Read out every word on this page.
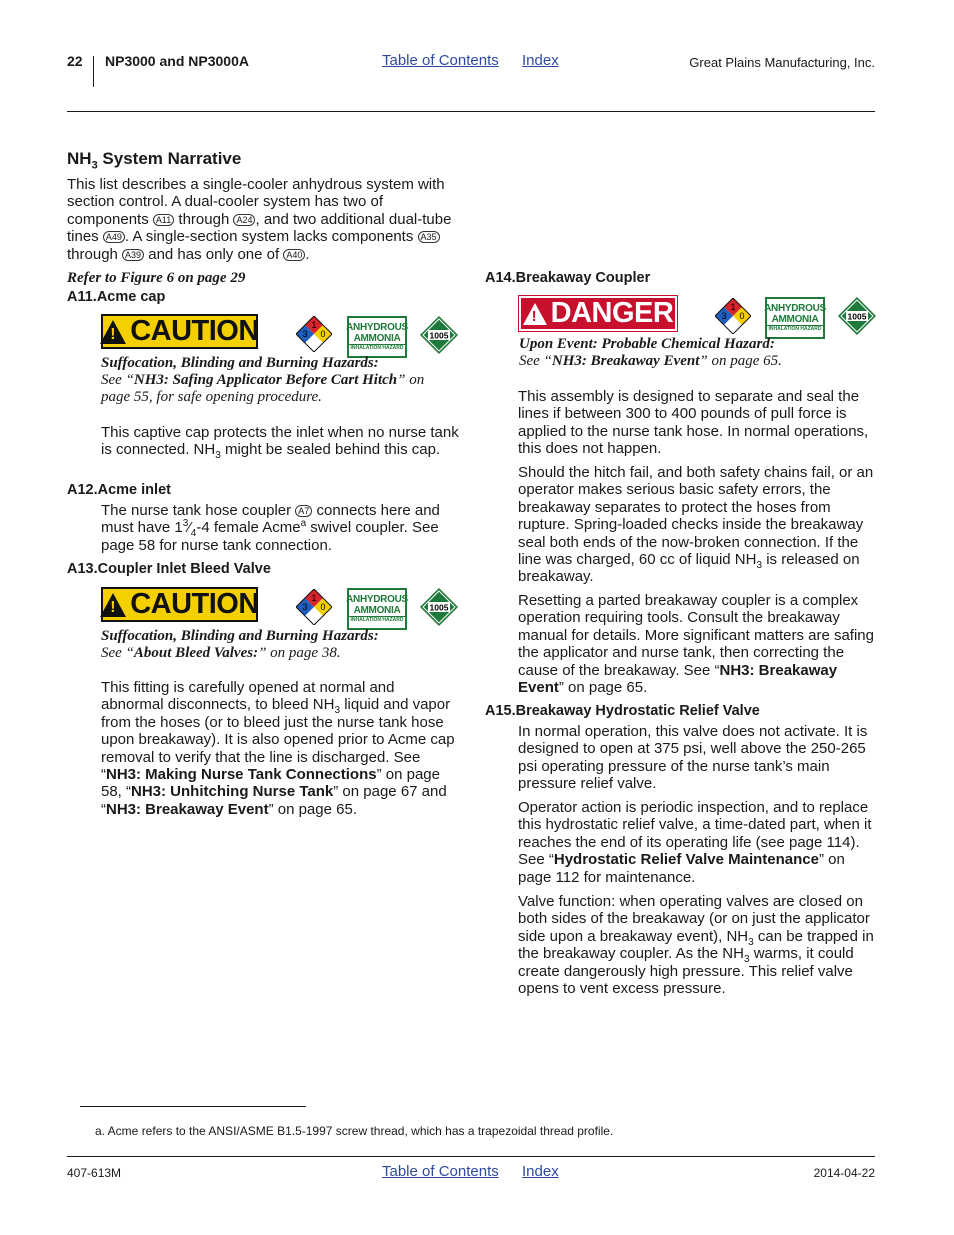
22 NP3000 and NP3000A	Table of Contents Index	Great Plains Manufacturing, Inc.
$NH_3$ System Narrative
This list describes a single-cooler anhydrous system with section control. A dual-cooler system has two of components A11 through A24 , and two additional dual-tube tines A49 . A single-section system lacks components A35 through A39 and has only one of A40 .
Refer to Figure 6 on page 29
A11.Acme cap
! CAUTION	1
3 0
ANHYDROUS
AMMONIA
INHALATION HAZARD
1005
Suffocation, Blinding and Burning Hazards:
See “NH3: Safing Applicator Before Cart Hitch” on page 55, for safe opening procedure.
This captive cap protects the inlet when no nurse tank is connected. $NH_3$ might be sealed behind this cap.
A12.Acme inlet
The nurse tank hose coupler A7 connects here and must have $1^3⁄_4-4$ female Acme$^a$ swivel coupler. See page 58 for nurse tank connection.
A13.Coupler Inlet Bleed Valve
! CAUTION	1
3 0
ANHYDROUS
AMMONIA
INHALATION HAZARD
1005
Suffocation, Blinding and Burning Hazards:
See “About Bleed Valves:” on page 38.
This fitting is carefully opened at normal and abnormal disconnects, to bleed $NH_3$ liquid and vapor from the hoses (or to bleed just the nurse tank hose upon breakaway). It is also opened prior to Acme cap removal to verify that the line is discharged. See “NH3: Making Nurse Tank Connections” on page 58, “NH3: Unhitching Nurse Tank” on page 67 and “NH3: Breakaway Event” on page 65.
A14.Breakaway Coupler
! DANGER	1
3 0
ANHYDROUS
AMMONIA
INHALATION HAZARD
1005
Upon Event: Probable Chemical Hazard:
See “NH3: Breakaway Event” on page 65.
This assembly is designed to separate and seal the lines if between 300 to 400 pounds of pull force is applied to the nurse tank hose. In normal operations, this does not happen.
Should the hitch fail, and both safety chains fail, or an operator makes serious basic safety errors, the breakaway separates to protect the hoses from rupture. Spring-loaded checks inside the breakaway seal both ends of the now-broken connection. If the line was charged, 60 cc of liquid $NH_3$ is released on breakaway.
Resetting a parted breakaway coupler is a complex operation requiring tools. Consult the breakaway manual for details. More significant matters are safing the applicator and nurse tank, then correcting the cause of the breakaway. See “NH3: Breakaway Event” on page 65.
A15.Breakaway Hydrostatic Relief Valve
In normal operation, this valve does not activate. It is designed to open at 375 psi, well above the 250-265 psi operating pressure of the nurse tank’s main pressure relief valve.
Operator action is periodic inspection, and to replace this hydrostatic relief valve, a time-dated part, when it reaches the end of its operating life (see page 114). See “Hydrostatic Relief Valve Maintenance” on page 112 for maintenance.
Valve function: when operating valves are closed on both sides of the breakaway (or on just the applicator side upon a breakaway event), $NH_3$ can be trapped in the breakaway coupler. As the $NH_3$ warms, it could create dangerously high pressure. This relief valve opens to vent excess pressure.
a. Acme refers to the ANSI/ASME B1.5-1997 screw thread, which has a trapezoidal thread profile.
407-613M	Table of Contents Index	2014-04-22
